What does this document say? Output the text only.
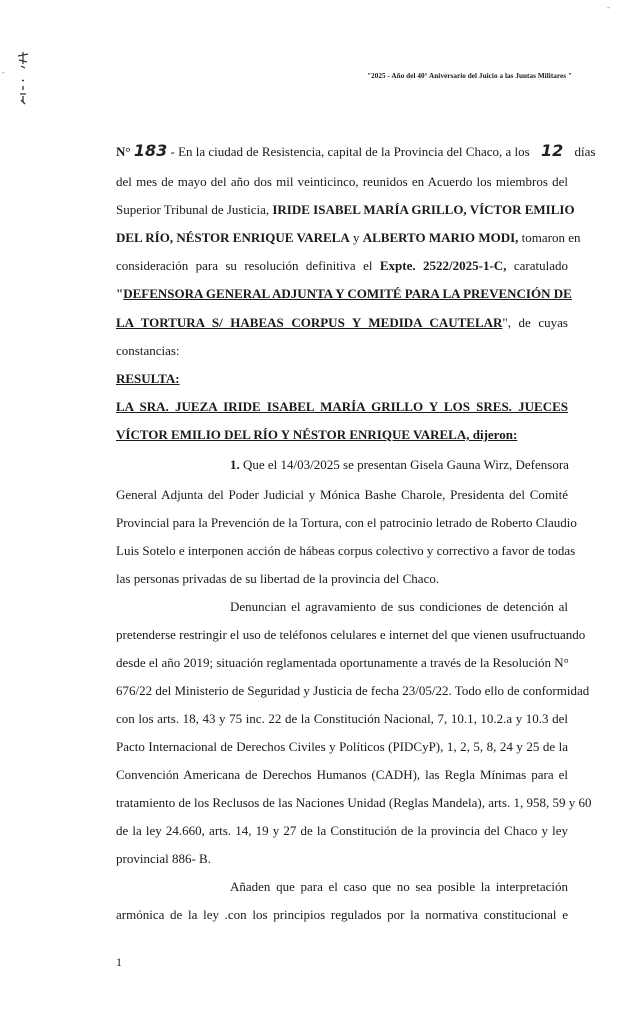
-
-	"2025 - Año del 40° Aniversario del Juicio a las Juntas Militares "
N° 183 - En la ciudad de Resistencia, capital de la Provincia del Chaco, a los 12 días
del mes de mayo del año dos mil veinticinco, reunidos en Acuerdo los miembros del
Superior Tribunal de Justicia, IRIDE ISABEL MARÍA GRILLO, VÍCTOR EMILIO
DEL RÍO, NÉSTOR ENRIQUE VARELA y ALBERTO MARIO MODI, tomaron en
consideración para su resolución definitiva el Expte. 2522/2025-1-C, caratulado
"DEFENSORA GENERAL ADJUNTA Y COMITÉ PARA LA PREVENCIÓN DE
LA TORTURA S/ HABEAS CORPUS Y MEDIDA CAUTELAR", de cuyas
constancias:
RESULTA:
LA SRA. JUEZA IRIDE ISABEL MARÍA GRILLO Y LOS SRES. JUECES
VÍCTOR EMILIO DEL RÍO Y NÉSTOR ENRIQUE VARELA, dijeron:
1. Que el 14/03/2025 se presentan Gisela Gauna Wirz, Defensora
General Adjunta del Poder Judicial y Mónica Bashe Charole, Presidenta del Comité
Provincial para la Prevención de la Tortura, con el patrocinio letrado de Roberto Claudio
Luis Sotelo e interponen acción de hábeas corpus colectivo y correctivo a favor de todas
las personas privadas de su libertad de la provincia del Chaco.
Denuncian el agravamiento de sus condiciones de detención al
pretenderse restringir el uso de teléfonos celulares e internet del que vienen usufructuando
desde el año 2019; situación reglamentada oportunamente a través de la Resolución N°
676/22 del Ministerio de Seguridad y Justicia de fecha 23/05/22. Todo ello de conformidad
con los arts. 18, 43 y 75 inc. 22 de la Constitución Nacional, 7, 10.1, 10.2.a y 10.3 del
Pacto Internacional de Derechos Civiles y Políticos (PIDCyP), 1, 2, 5, 8, 24 y 25 de la
Convención Americana de Derechos Humanos (CADH), las Regla Mínimas para el
tratamiento de los Reclusos de las Naciones Unidad (Reglas Mandela), arts. 1, 958, 59 y 60
de la ley 24.660, arts. 14, 19 y 27 de la Constitución de la provincia del Chaco y ley
provincial 886- B.
Añaden que para el caso que no sea posible la interpretación
armónica de la ley .con los principios regulados por la normativa constitucional e
1
